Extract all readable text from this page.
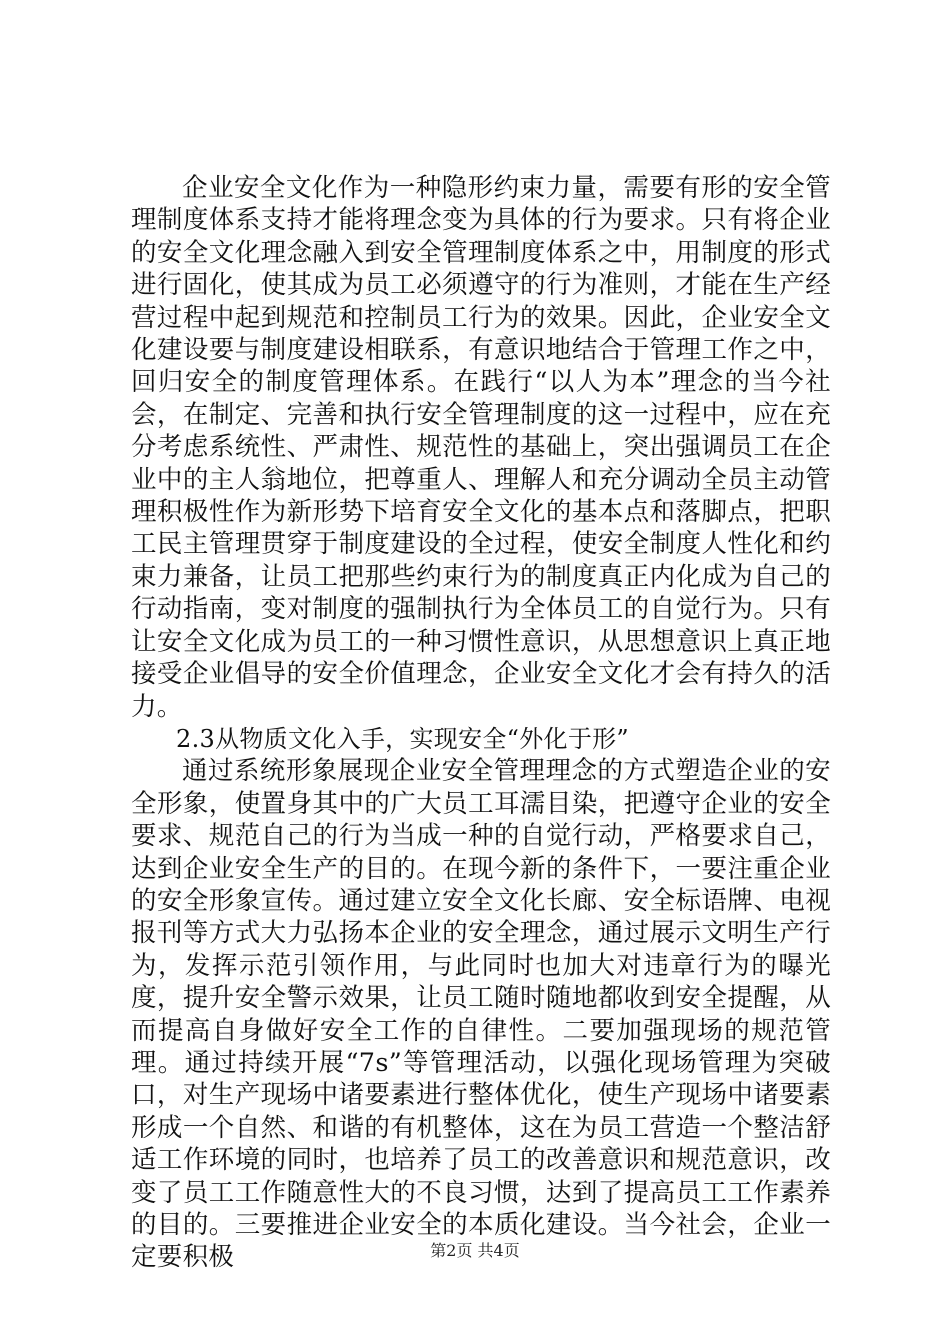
企业安全文化作为一种隐形约束力量，需要有形的安全管理制度体系支持才能将理念变为具体的行为要求。只有将企业的安全文化理念融入到安全管理制度体系之中，用制度的形式进行固化，使其成为员工必须遵守的行为准则，才能在生产经营过程中起到规范和控制员工行为的效果。因此，企业安全文化建设要与制度建设相联系，有意识地结合于管理工作之中，回归安全的制度管理体系。在践行“以人为本”理念的当今社会，在制定、完善和执行安全管理制度的这一过程中，应在充分考虑系统性、严肃性、规范性的基础上，突出强调员工在企业中的主人翁地位，把尊重人、理解人和充分调动全员主动管理积极性作为新形势下培育安全文化的基本点和落脚点，把职工民主管理贯穿于制度建设的全过程，使安全制度人性化和约束力兼备，让员工把那些约束行为的制度真正内化成为自己的行动指南，变对制度的强制执行为全体员工的自觉行为。只有让安全文化成为员工的一种习惯性意识，从思想意识上真正地接受企业倡导的安全价值理念，企业安全文化才会有持久的活力。

2.3从物质文化入手，实现安全“外化于形”

通过系统形象展现企业安全管理理念的方式塑造企业的安全形象，使置身其中的广大员工耳濡目染，把遵守企业的安全要求、规范自己的行为当成一种的自觉行动，严格要求自己，达到企业安全生产的目的。在现今新的条件下，一要注重企业的安全形象宣传。通过建立安全文化长廊、安全标语牌、电视报刊等方式大力弘扬本企业的安全理念，通过展示文明生产行为，发挥示范引领作用，与此同时也加大对违章行为的曝光度，提升安全警示效果，让员工随时随地都收到安全提醒，从而提高自身做好安全工作的自律性。二要加强现场的规范管理。通过持续开展“7s”等管理活动，以强化现场管理为突破口，对生产现场中诸要素进行整体优化，使生产现场中诸要素形成一个自然、和谐的有机整体，这在为员工营造一个整洁舒适工作环境的同时，也培养了员工的改善意识和规范意识，改变了员工工作随意性大的不良习惯，达到了提高员工工作素养的目的。三要推进企业安全的本质化建设。当今社会，企业一定要积极	第2页 共4页
